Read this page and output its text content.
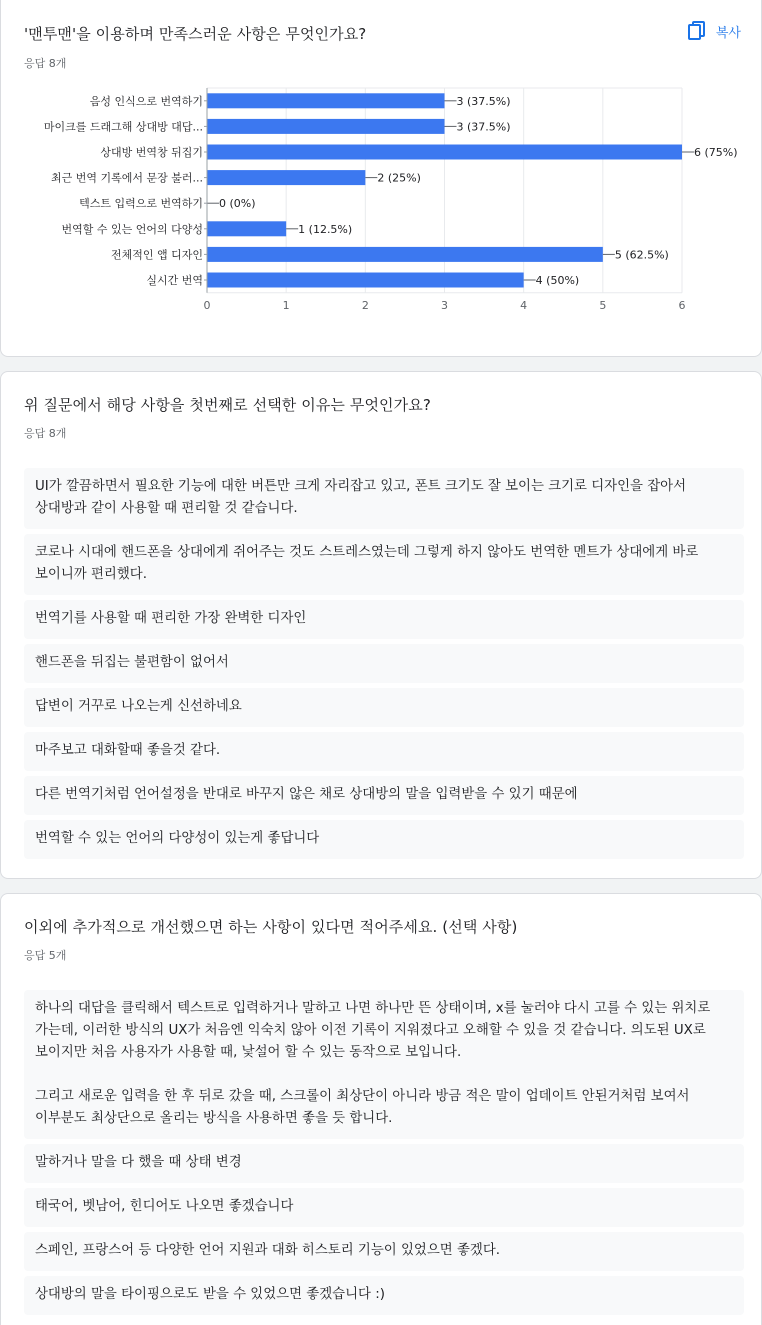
'맨투맨'을 이용하며 만족스러운 사항은 무엇인가요?
응답 8개
복사
음성 인식으로 번역하기	3 (37.5%)
마이크를 드래그해 상대방 대답...	3 (37.5%)
상대방 번역창 뒤집기	6 (75%)
최근 번역 기록에서 문장 불러...	2 (25%)
텍스트 입력으로 번역하기 0 (0%)
번역할 수 있는 언어의 다양성	1 (12.5%)
전체적인 앱 디자인	5 (62.5%)
실시간 번역	4 (50%)
0	1	2	3	4	5	6
위 질문에서 해당 사항을 첫번째로 선택한 이유는 무엇인가요?
응답 8개
UI가 깔끔하면서 필요한 기능에 대한 버튼만 크게 자리잡고 있고, 폰트 크기도 잘 보이는 크기로 디자인을 잡아서 상대방과 같이 사용할 때 편리할 것 같습니다.
코로나 시대에 핸드폰을 상대에게 쥐어주는 것도 스트레스였는데 그렇게 하지 않아도 번역한 멘트가 상대에게 바로 보이니까 편리했다.
번역기를 사용할 때 편리한 가장 완벽한 디자인
핸드폰을 뒤집는 불편함이 없어서
답변이 거꾸로 나오는게 신선하네요
마주보고 대화할때 좋을것 같다.
다른 번역기처럼 언어설정을 반대로 바꾸지 않은 채로 상대방의 말을 입력받을 수 있기 때문에
번역할 수 있는 언어의 다양성이 있는게 좋답니다
이외에 추가적으로 개선했으면 하는 사항이 있다면 적어주세요. (선택 사항)
응답 5개
하나의 대답을 클릭해서 텍스트로 입력하거나 말하고 나면 하나만 뜬 상태이며, x를 눌러야 다시 고를 수 있는 위치로 가는데, 이러한 방식의 UX가 처음엔 익숙치 않아 이전 기록이 지워졌다고 오해할 수 있을 것 같습니다. 의도된 UX로 보이지만 처음 사용자가 사용할 때, 낯설어 할 수 있는 동작으로 보입니다.

그리고 새로운 입력을 한 후 뒤로 갔을 때, 스크롤이 최상단이 아니라 방금 적은 말이 업데이트 안된거처럼 보여서 이부분도 최상단으로 올리는 방식을 사용하면 좋을 듯 합니다.
말하거나 말을 다 했을 때 상태 변경
태국어, 벳남어, 힌디어도 나오면 좋겠습니다
스페인, 프랑스어 등 다양한 언어 지원과 대화 히스토리 기능이 있었으면 좋겠다.
상대방의 말을 타이핑으로도 받을 수 있었으면 좋겠습니다 :)
